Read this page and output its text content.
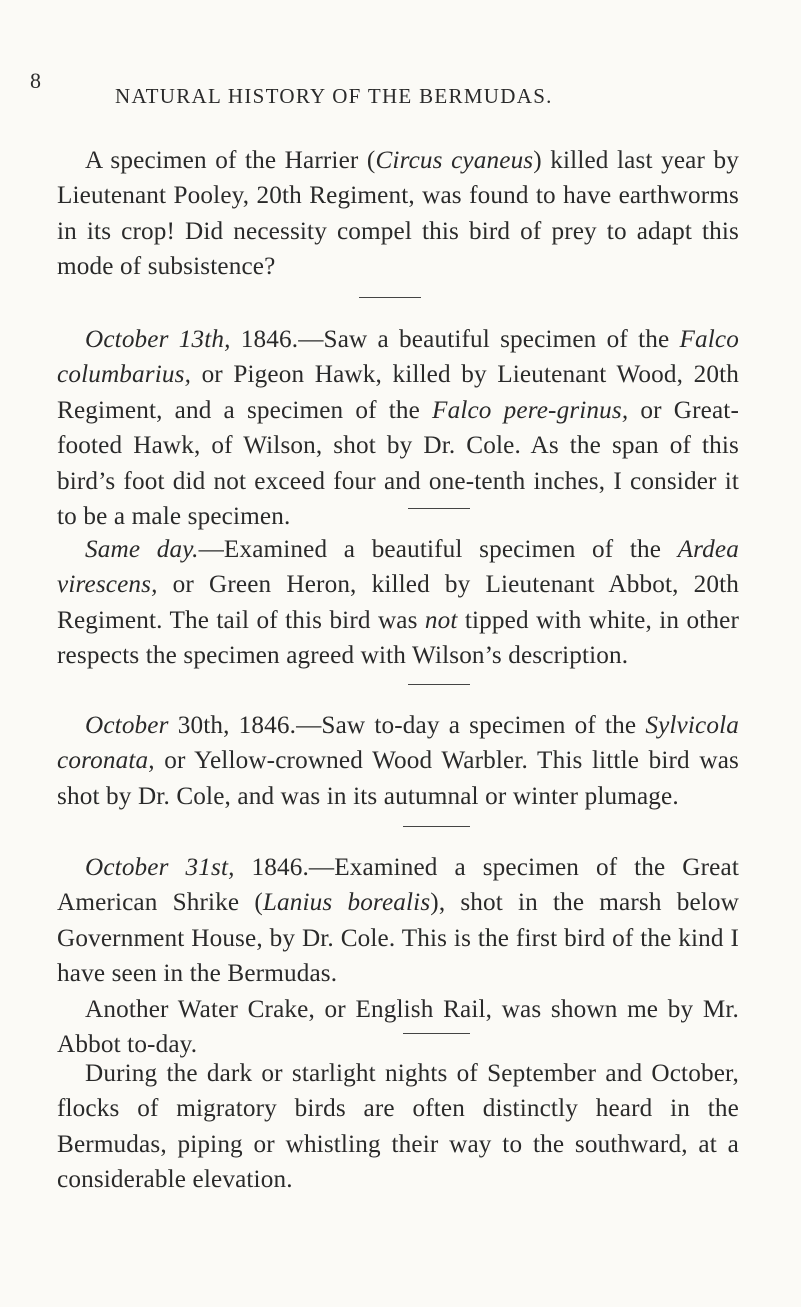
8
NATURAL HISTORY OF THE BERMUDAS.

A specimen of the Harrier (Circus cyaneus) killed last year by Lieutenant Pooley, 20th Regiment, was found to have earthworms in its crop! Did necessity compel this bird of prey to adapt this mode of subsistence?

October 13th, 1846.—Saw a beautiful specimen of the Falco columbarius, or Pigeon Hawk, killed by Lieutenant Wood, 20th Regiment, and a specimen of the Falco pere-grinus, or Great-footed Hawk, of Wilson, shot by Dr. Cole. As the span of this bird’s foot did not exceed four and one-tenth inches, I consider it to be a male specimen.

Same day.—Examined a beautiful specimen of the Ardea virescens, or Green Heron, killed by Lieutenant Abbot, 20th Regiment. The tail of this bird was not tipped with white, in other respects the specimen agreed with Wilson’s description.

October 30th, 1846.—Saw to-day a specimen of the Sylvicola coronata, or Yellow-crowned Wood Warbler. This little bird was shot by Dr. Cole, and was in its autumnal or winter plumage.

October 31st, 1846.—Examined a specimen of the Great American Shrike (Lanius borealis), shot in the marsh below Government House, by Dr. Cole. This is the first bird of the kind I have seen in the Bermudas.

Another Water Crake, or English Rail, was shown me by Mr. Abbot to-day.

During the dark or starlight nights of September and October, flocks of migratory birds are often distinctly heard in the Bermudas, piping or whistling their way to the southward, at a considerable elevation.
